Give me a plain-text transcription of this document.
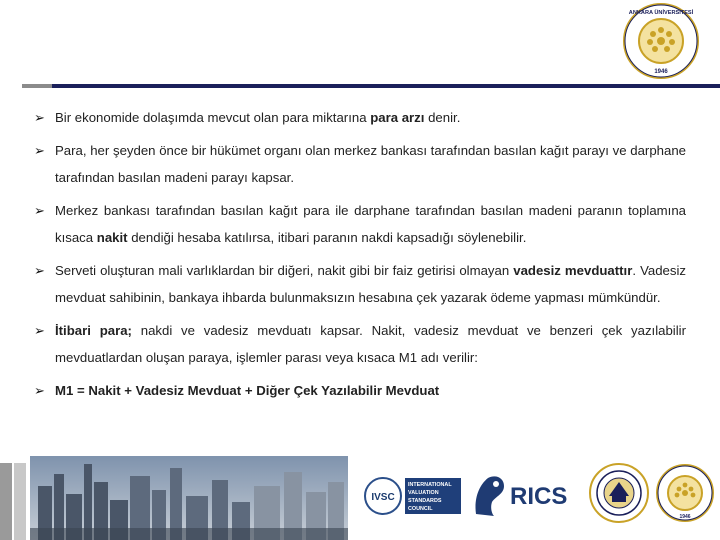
ANKARA ÜNİVERSİTESİ
1946
➢ Bir ekonomide dolaşımda mevcut olan para miktarına para arzı denir.
➢ Para, her şeyden önce bir hükümet organı olan merkez bankası tarafından basılan kağıt parayı ve darphane tarafından basılan madeni parayı kapsar.
➢ Merkez bankası tarafından basılan kağıt para ile darphane tarafından basılan madeni paranın toplamına kısaca nakit dendiği hesaba katılırsa, itibari paranın nakdi kapsadığı söylenebilir.
➢ Serveti oluşturan mali varlıklardan bir diğeri, nakit gibi bir faiz getirisi olmayan vadesiz mevduattır. Vadesiz mevduat sahibinin, bankaya ihbarda bulunmaksızın hesabına çek yazarak ödeme yapması mümkündür.
➢ İtibari para; nakdi ve vadesiz mevduatı kapsar. Nakit, vadesiz mevduat ve benzeri çek yazılabilir mevduatlardan oluşan paraya, işlemler parası veya kısaca M1 adı verilir:
➢ M1 = Nakit + Vadesiz Mevduat + Diğer Çek Yazılabilir Mevduat
IVSC
INTERNATIONAL
VALUATION
STANDARDS
COUNCIL	RICS
1946
